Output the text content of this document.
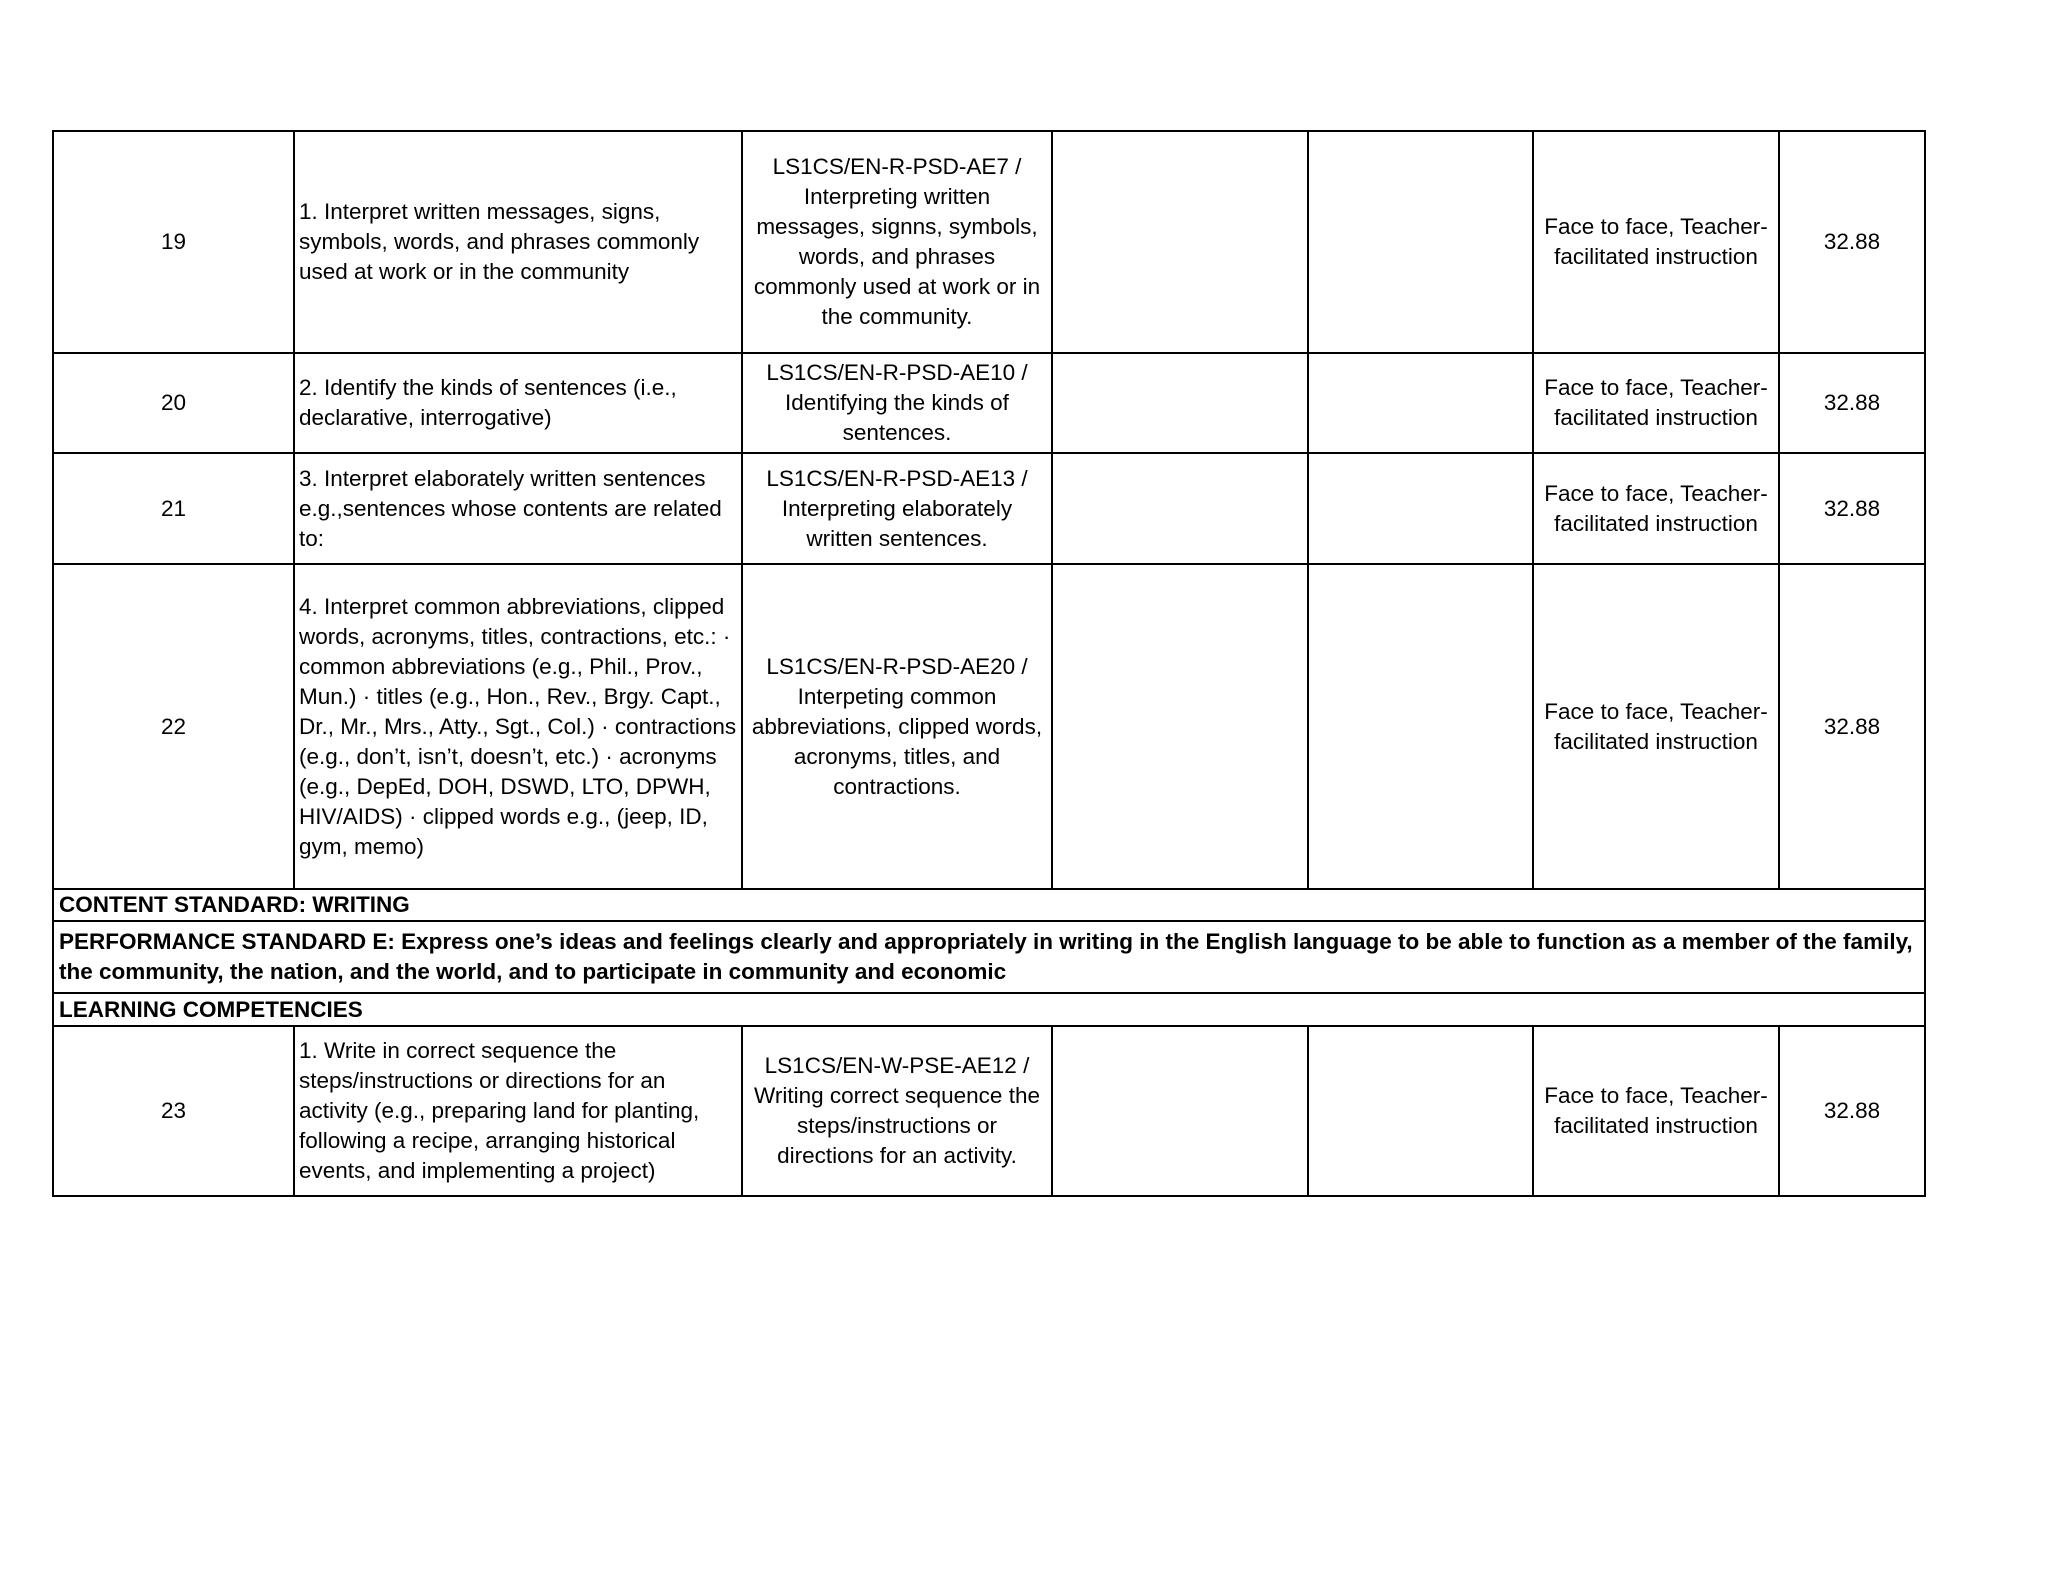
19	1. Interpret written messages, signs, symbols, words, and phrases commonly used at work or in the community	LS1CS/EN-R-PSD-AE7 / Interpreting written messages, signns, symbols, words, and phrases commonly used at work or in the community.			Face to face, Teacher-facilitated instruction	32.88
20	2. Identify the kinds of sentences (i.e., declarative, interrogative)	LS1CS/EN-R-PSD-AE10 / Identifying the kinds of sentences.			Face to face, Teacher-facilitated instruction	32.88
21	3. Interpret elaborately written sentences e.g.,sentences whose contents are related to:	LS1CS/EN-R-PSD-AE13 / Interpreting elaborately written sentences.			Face to face, Teacher-facilitated instruction	32.88
22	4. Interpret common abbreviations, clipped words, acronyms, titles, contractions, etc.: · common abbreviations (e.g., Phil., Prov., Mun.) · titles (e.g., Hon., Rev., Brgy. Capt., Dr., Mr., Mrs., Atty., Sgt., Col.) · contractions (e.g., don’t, isn’t, doesn’t, etc.) · acronyms (e.g., DepEd, DOH, DSWD, LTO, DPWH, HIV/AIDS) · clipped words e.g., (jeep, ID, gym, memo)	LS1CS/EN-R-PSD-AE20 / Interpeting common abbreviations, clipped words, acronyms, titles, and contractions.			Face to face, Teacher-facilitated instruction	32.88
CONTENT STANDARD: WRITING						
PERFORMANCE STANDARD E: Express one’s ideas and feelings clearly and appropriately in writing in the English language to be able to function as a member of the family, the community, the nation, and the world, and to participate in community and economic						
LEARNING COMPETENCIES						
23	1. Write in correct sequence the steps/instructions or directions for an activity (e.g., preparing land for planting, following a recipe, arranging historical events, and implementing a project)	LS1CS/EN-W-PSE-AE12 / Writing correct sequence the steps/instructions or directions for an activity.			Face to face, Teacher-facilitated instruction	32.88
